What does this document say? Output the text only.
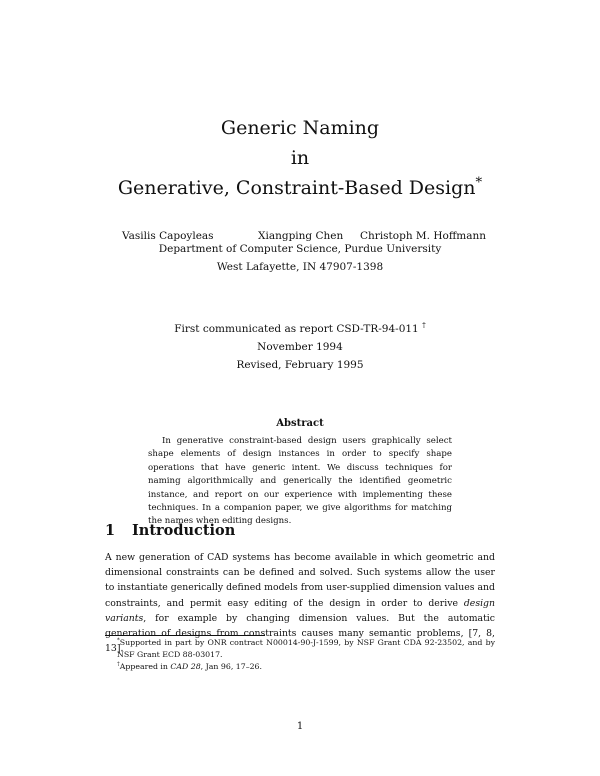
Generic Naming
in
Generative, Constraint-Based Design*
Vasilis Capoyleas	Xiangping Chen Christoph M. Hoffmann
Department of Computer Science, Purdue University
West Lafayette, IN 47907-1398
First communicated as report CSD-TR-94-011 †
November 1994
Revised, February 1995
Abstract

In generative constraint-based design users graphically select shape elements of design instances in order to specify shape operations that have generic intent. We discuss techniques for naming algorithmically and generically the identified geometric instance, and report on our experience with implementing these techniques. In a companion paper, we give algorithms for matching the names when editing designs.

1 Introduction

A new generation of CAD systems has become available in which geometric and dimensional constraints can be defined and solved. Such systems allow the user to instantiate generically defined models from user-supplied dimension values and constraints, and permit easy editing of the design in order to derive design variants, for example by changing dimension values. But the automatic generation of designs from constraints causes many semantic problems, [7, 8, 13].

*Supported in part by ONR contract N00014-90-J-1599, by NSF Grant CDA 92-23502, and by NSF Grant ECD 88-03017.

†Appeared in CAD 28, Jan 96, 17–26.

1
